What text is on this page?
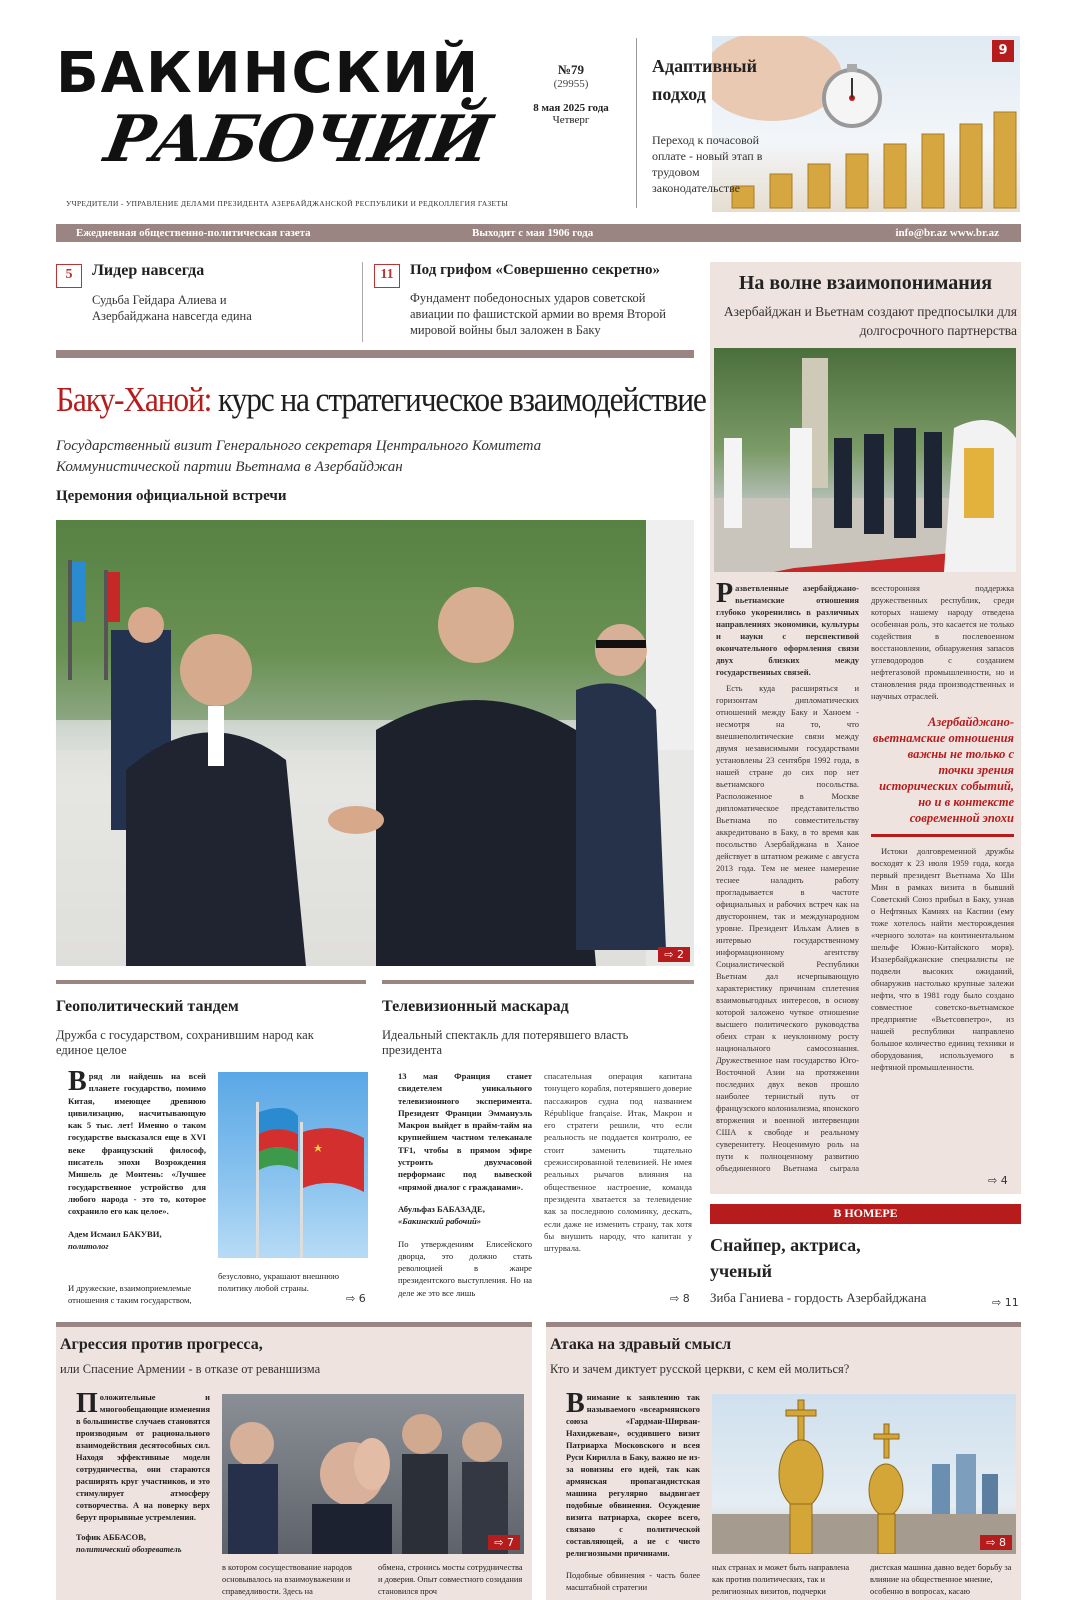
БАКИНСКИЙ
РАБОЧИЙ
УЧРЕДИТЕЛИ - УПРАВЛЕНИЕ ДЕЛАМИ ПРЕЗИДЕНТА АЗЕРБАЙДЖАНСКОЙ РЕСПУБЛИКИ И РЕДКОЛЛЕГИЯ ГАЗЕТЫ
№79
(29955)
8 мая 2025 года
Четверг
Адаптивный подход
Переход к почасовой оплате - новый этап в трудовом законодательстве
9
Ежедневная общественно-политическая газета	Выходит с мая 1906 года	info@br.az www.br.az
5	Лидер навсегда
Судьба Гейдара Алиева и Азербайджана навсегда едина
11	Под грифом «Совершенно секретно»
Фундамент победоносных ударов советской авиации по фашистской армии во время Второй мировой войны был заложен в Баку
Баку-Ханой: курс на стратегическое взаимодействие
Государственный визит Генерального секретаря Центрального Комитета Коммунистической партии Вьетнама в Азербайджан
Церемония официальной встречи
⇨ 2
На волне взаимопонимания
Азербайджан и Вьетнам создают предпосылки для долгосрочного партнерства

Р азветвленные азербайджано-вьетнамские отношения глубоко укоренились в различных направлениях экономики, культуры и науки с перспективой окончательного оформления связи двух близких между государственных связей.

Есть куда расширяться и горизонтам дипломатических отношений между Баку и Ханоем - несмотря на то, что внешнеполитические связи между двумя независимыми государствами установлены 23 сентября 1992 года, в нашей стране до сих пор нет вьетнамского посольства. Расположенное в Москве дипломатическое представительство Вьетнама по совместительству аккредитовано в Баку, в то время как посольство Азербайджана в Ханое действует в штатном режиме с августа 2013 года. Тем не менее намерение теснее наладить работу прогладывается в частоте официальных и рабочих встреч как на двустороннем, так и международном уровне. Президент Ильхам Алиев в интервью государственному информационному агентству Социалистической Республики Вьетнам дал исчерпывающую характеристику причинам сплетения взаимовыгодных интересов, в основу которой заложено чуткое отношение высшего политического руководства обеих стран к неуклонному росту национального самосознания. Дружественное нам государство Юго-Восточной Азии на протяжении последних двух веков прошло наиболее тернистый путь от французского колониализма, японского вторжения и военной интервенции США к свободе и реальному суверенитету. Неоценимую роль на пути к полноценному развитию объединенного Вьетнама сыграла всесторонняя поддержка дружественных республик, среди которых нашему народу отведена особенная роль, это касается не только содействия в послевоенном восстановлении, обнаружения запасов углеводородов с созданием нефтегазовой промышленности, но и становления ряда производственных и научных отраслей.

Азербайджано-вьетнамские отношения важны не только с точки зрения исторических событий, но и в контексте современной эпохи

Истоки долговременной дружбы восходят к 23 июля 1959 года, когда первый президент Вьетнама Хо Ши Мин в рамках визита в бывший Советский Союз прибыл в Баку, узнав о Нефтяных Камнях на Каспии (ему тоже хотелось найти месторождения «черного золота» на континентальном шельфе Южно-Китайского моря). Изазербайджанские специалисты не подвели высоких ожиданий, обнаружив настолько крупные залежи нефти, что в 1981 году было создано совместное советско-вьетнамское предприятие «Вьетсовпетро», из нашей республики направлено большое количество единиц техники и оборудования, используемого в нефтяной промышленности.

⇨ 4
Геополитический тандем
Дружба с государством, сохранившим народ как единое целое
В ряд ли найдешь на всей планете государство, помимо Китая, имеющее древнюю цивилизацию, насчитывающую как 5 тыс. лет! Именно о таком государстве высказался еще в XVI веке французский философ, писатель эпохи Возрождения Мишель де Монтень: «Лучшее государственное устройство для любого народа - это то, которое сохранило его как целое».
Адем Исмаил БАКУВИ,
политолог
И дружеские, взаимоприемлемые отношения с таким государством,
безусловно, украшают внешнюю политику любой страны.
⇨ 6
Телевизионный маскарад
Идеальный спектакль для потерявшего власть президента
13 мая Франция станет свидетелем уникального телевизионного эксперимента. Президент Франции Эммануэль Макрон выйдет в прайм-тайм на крупнейшем частном телеканале TF1, чтобы в прямом эфире устроить двухчасовой перформанс под вывеской «прямой диалог с гражданами».
Абульфаз БАБАЗАДЕ,
«Бакинский рабочий»
По утверждениям Елисейского дворца, это должно стать революцией в жанре президентского выступления. Но на деле же это все лишь
спасательная операция капитана тонущего корабля, потерявшего доверие пассажиров судна под названием République française. Итак, Макрон и его стратеги решили, что если реальность не поддается контролю, ее стоит заменить тщательно срежиссированной телевизией. Не имея реальных рычагов влияния на общественное настроение, команда президента хватается за телевидение как за последнюю соломинку, дескать, если даже не изменить страну, так хотя бы внушить народу, что капитан у штурвала.
⇨ 8
В НОМЕРЕ
Снайпер, актриса, ученый
Зиба Ганиева - гордость Азербайджана	⇨ 11
Агрессия против прогресса,
или Спасение Армении - в отказе от реваншизма
П оложительные и многообещающие изменения в большинстве случаев становятся производным от рационального взаимодействия десятособных сил. Находя эффективные модели сотрудничества, они стараются расширять круг участников, и это стимулирует атмосферу сотворчества. А на поверку верх берут прорывные устремления.
Тофик АББАСОВ,
политический обозреватель
⇨ 7
в котором сосуществование народов основывалось на взаимоуважении и справедливости. Здесь на
обмена, стронись мосты сотрудничества и доверия. Опыт совместного созидания становился проч
Атака на здравый смысл
Кто и зачем диктует русской церкви, с кем ей молиться?
В нимание к заявлению так называемого «всеармянского союза «Гардман-Ширван-Нахиджеван», осудившего визит Патриарха Московского и всея Руси Кирилла в Баку, важно не из-за новизны его идей, так как армянская пропагандистская машина регулярно выдвигает подобные обвинения. Осуждение визита патриарха, скорее всего, связано с политической составляющей, а не с чисто религиозными причинами.
Подобные обвинения - часть более масштабной стратегии
⇨ 8
ных странах и может быть направлена как против политических, так и религиозных визитов, подчерки
дистская машина давно ведет борьбу за влияние на общественное мнение, особенно в вопросах, касаю
